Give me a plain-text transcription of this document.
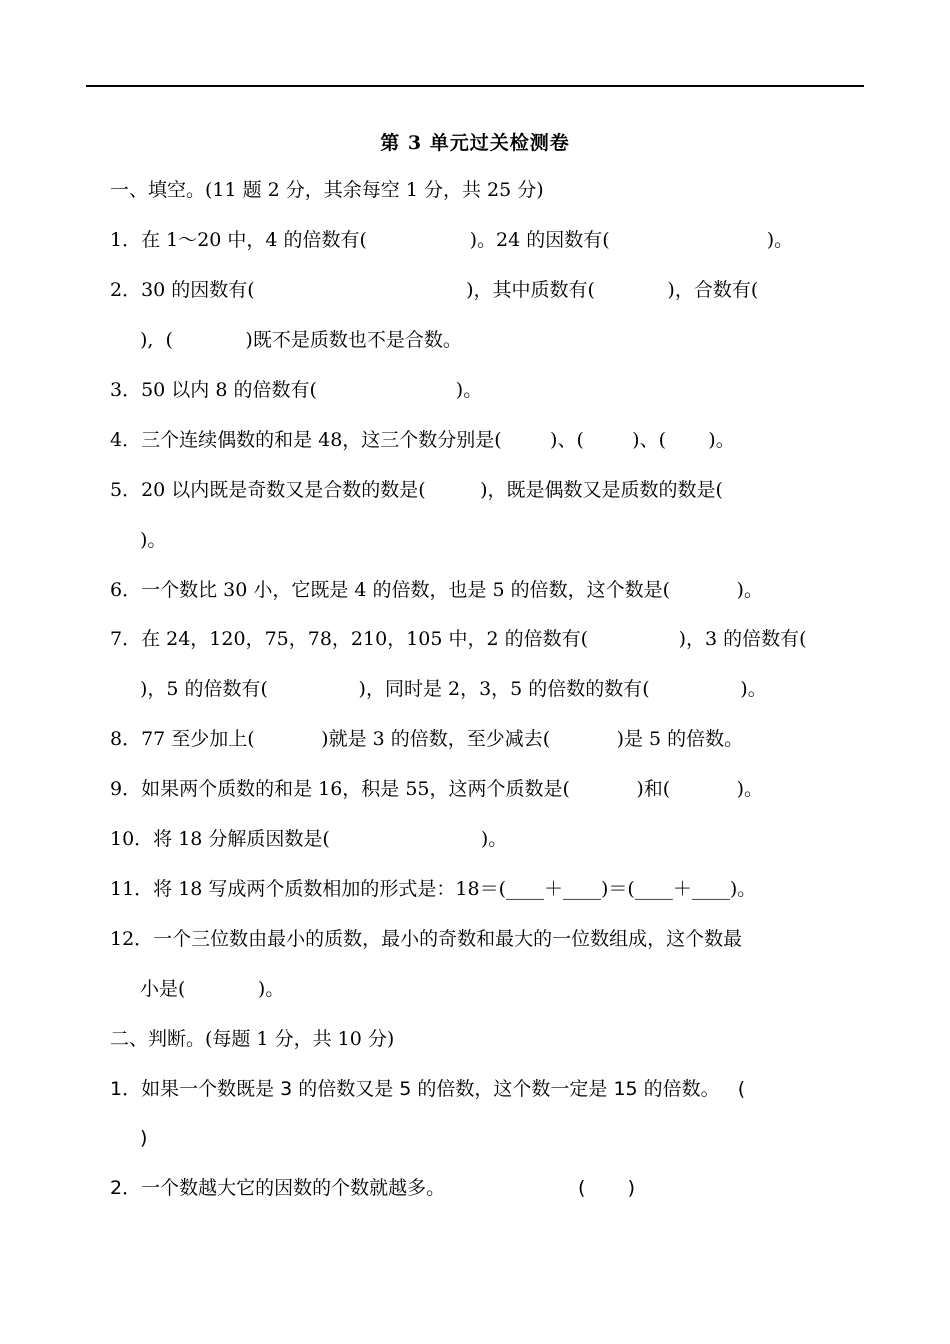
第 3 单元过关检测卷
一、填空。(11 题 2 分，其余每空 1 分，共 25 分)
1．在 1～20 中，4 的倍数有(                 )。24 的因数有(                          )。
2．30 的因数有(                                   )，其中质数有(            )，合数有(
),  (            )既不是质数也不是合数。
3．50 以内 8 的倍数有(                       )。
4．三个连续偶数的和是 48，这三个数分别是(        )、(        )、(       )。
5．20 以内既是奇数又是合数的数是(         )，既是偶数又是质数的数是(
)。
6．一个数比 30 小，它既是 4 的倍数，也是 5 的倍数，这个数是(           )。
7．在 24，120，75，78，210，105 中，2 的倍数有(               )，3 的倍数有(
)，5 的倍数有(               )，同时是 2，3，5 的倍数的数有(               )。
8．77 至少加上(           )就是 3 的倍数，至少减去(           )是 5 的倍数。
9．如果两个质数的和是 16，积是 55，这两个质数是(           )和(           )。
10．将 18 分解质因数是(                         )。
11．将 18 写成两个质数相加的形式是：18＝(____＋____)＝(____＋____)。
12．一个三位数由最小的质数，最小的奇数和最大的一位数组成，这个数最
小是(            )。
二、判断。(每题 1 分，共 10 分)
1．如果一个数既是 3 的倍数又是 5 的倍数，这个数一定是 15 的倍数。   (
)
2．一个数越大它的因数的个数就越多。                      (       )
